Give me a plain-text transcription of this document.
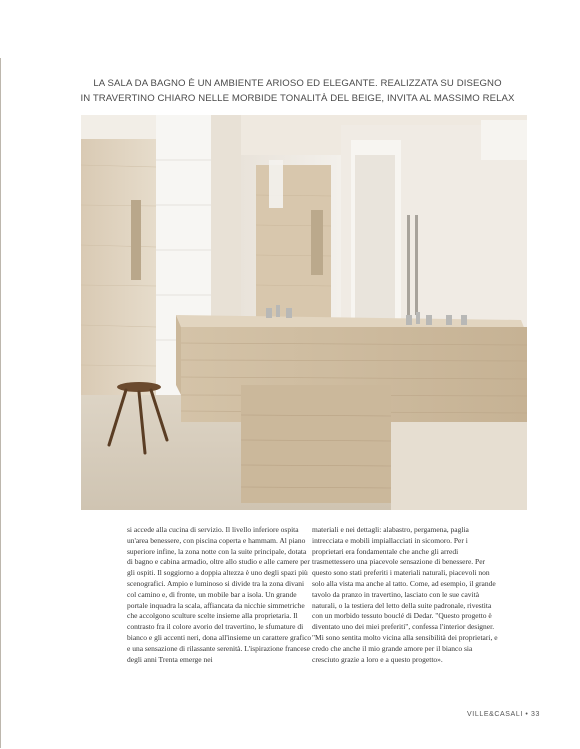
LA SALA DA BAGNO È UN AMBIENTE ARIOSO ED ELEGANTE. REALIZZATA SU DISEGNO
IN TRAVERTINO CHIARO NELLE MORBIDE TONALITÀ DEL BEIGE, INVITA AL MASSIMO RELAX

si accede alla cucina di servizio. Il livello inferiore ospita un'area benessere, con piscina coperta e hammam. Al piano superiore infine, la zona notte con la suite principale, dotata di bagno e cabina armadio, oltre allo studio e alle camere per gli ospiti. Il soggiorno a doppia altezza è uno degli spazi più scenografici. Ampio e luminoso si divide tra la zona divani col camino e, di fronte, un mobile bar a isola. Un grande portale inquadra la scala, affiancata da nicchie simmetriche che accolgono sculture scelte insieme alla proprietaria. Il contrasto fra il colore avorio del travertino, le sfumature di bianco e gli accenti neri, dona all'insieme un carattere grafico e una sensazione di rilassante serenità. L'ispirazione francese degli anni Trenta emerge nei

materiali e nei dettagli: alabastro, pergamena, paglia intrecciata e mobili impiallacciati in sicomoro. Per i proprietari era fondamentale che anche gli arredi trasmettessero una piacevole sensazione di benessere. Per questo sono stati preferiti i materiali naturali, piacevoli non solo alla vista ma anche al tatto. Come, ad esempio, il grande tavolo da pranzo in travertino, lasciato con le sue cavità naturali, o la testiera del letto della suite padronale, rivestita con un morbido tessuto bouclé di Dedar. "Questo progetto è diventato uno dei miei preferiti", confessa l'interior designer. "Mi sono sentita molto vicina alla sensibilità dei proprietari, e credo che anche il mio grande amore per il bianco sia cresciuto grazie a loro e a questo progetto».

VILLE&CASALI • 33
